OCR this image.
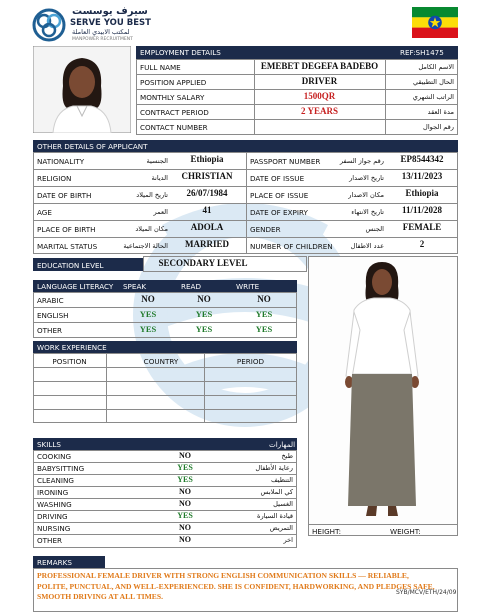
سيرف يوسست
SERVE YOU BEST
لمكتب الابيدي العاملة
MANPOWER RECRUITMENT
EMPLOYMENT DETAILS	REF:SH1475
FULL NAME	EMEBET DEGEFA BADEBO	الاسم الكامل
POSITION APPLIED	DRIVER	الحال التطبيقي
MONTHLY SALARY	1500QR	الراتب الشهري
CONTRACT PERIOD	2 YEARS	مدة العقد
CONTACT NUMBER	رقم الجوال
OTHER DETAILS OF APPLICANT
NATIONALITY	الجنسية	Ethiopia	PASSPORT NUMBER	رقم جواز السفر	EP8544342
RELIGION	الديانة	CHRISTIAN	DATE OF ISSUE	تاريخ الاصدار	13/11/2023
DATE OF BIRTH	تاريخ الميلاد	26/07/1984	PLACE OF ISSUE	مكان الاصدار	Ethiopia
AGE	العمر	41	DATE OF EXPIRY	تاريخ الانتهاء	11/11/2028
PLACE OF BIRTH	مكان الميلاد	ADOLA	GENDER	الجنس	FEMALE
MARITAL STATUS	الحالة الاجتماعية	MARRIED	NUMBER OF CHILDREN	عدد الاطفال	2
EDUCATION LEVEL	SECONDARY LEVEL
HEIGHT:	WEIGHT:
LANGUAGE LITERACY SPEAK	READ	WRITE
ARABIC	NO	NO	NO
ENGLISH	YES	YES	YES
OTHER	YES	YES	YES
WORK EXPERIENCE
POSITION	COUNTRY	PERIOD
SKILLS	المهارات
COOKING	NO	طبخ
BABYSITTING	YES	رعاية الأطفال
CLEANING	YES	التنظيف
IRONING	NO	كي الملابس
WASHING	NO	الغسيل
DRIVING	YES	قيادة السيارة
NURSING	NO	التمريض
OTHER	NO	اخر
REMARKS
PROFESSIONAL FEMALE DRIVER WITH STRONG ENGLISH COMMUNICATION SKILLS — RELIABLE, POLITE, PUNCTUAL, AND WELL-EXPERIENCED. SHE IS CONFIDENT, HARDWORKING, AND PLEDGES SAFE, SMOOTH DRIVING AT ALL TIMES.	SYB/MCV/ETH/24/09
